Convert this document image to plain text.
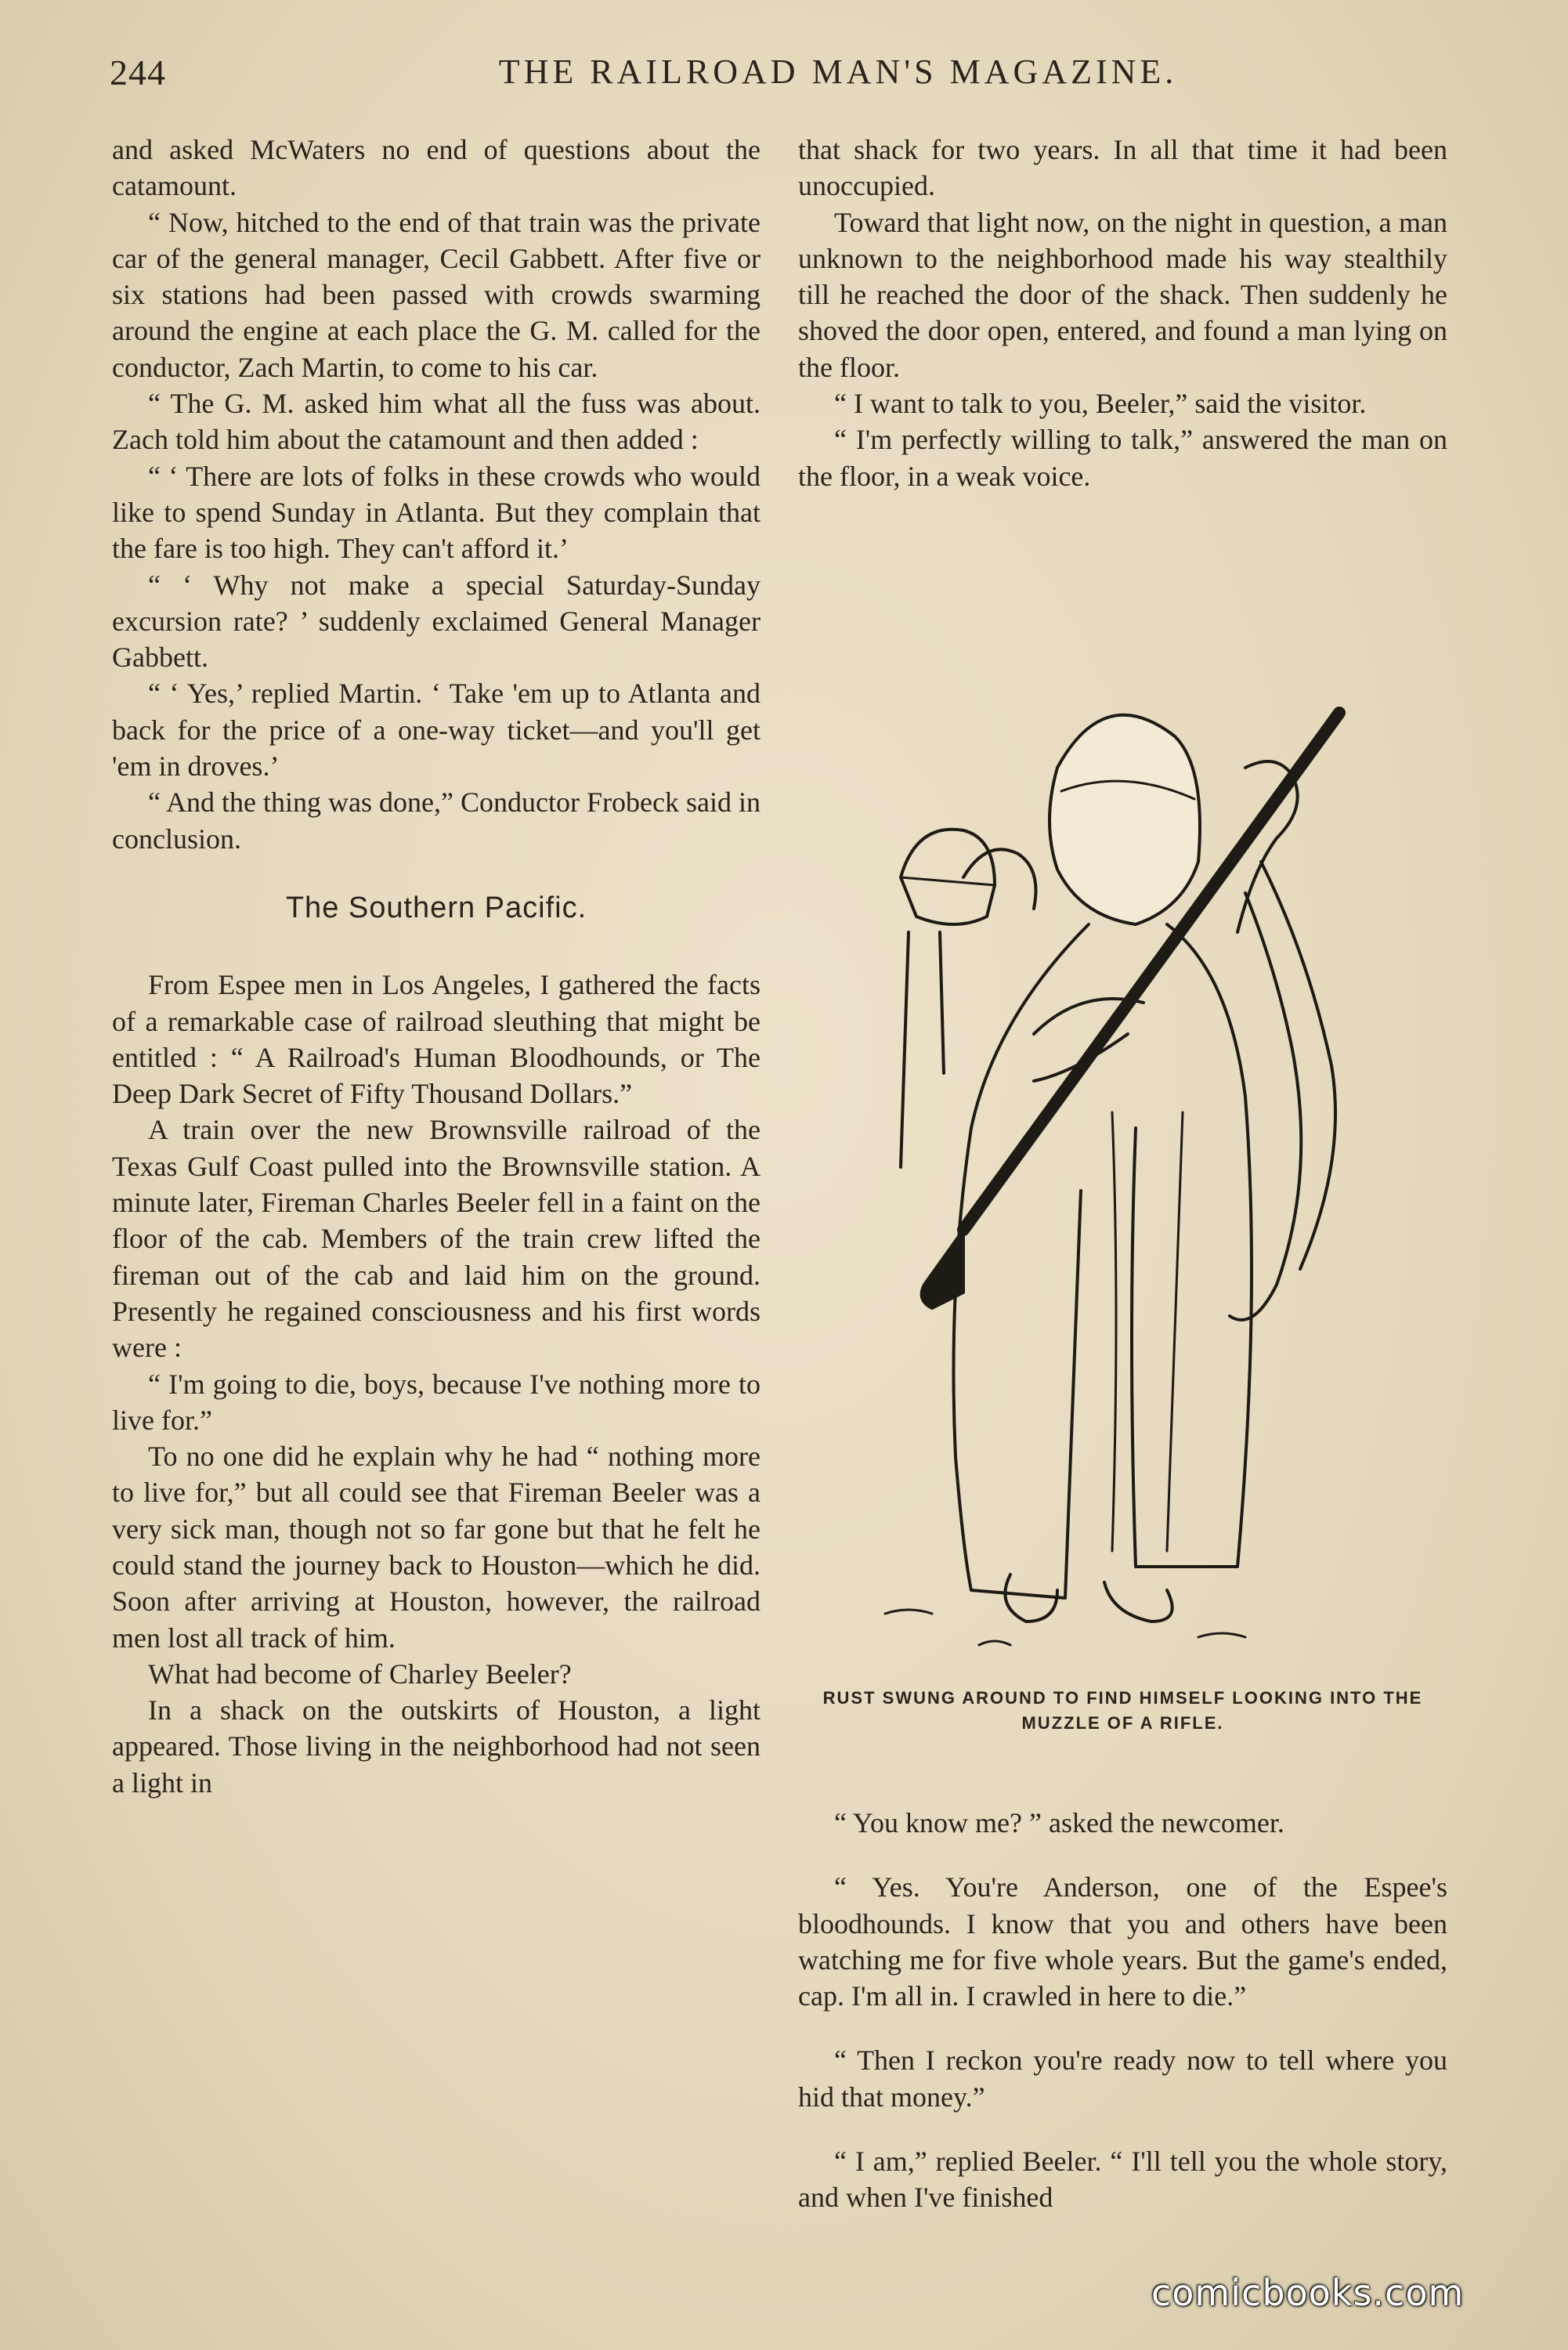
244	THE RAILROAD MAN'S MAGAZINE.

and asked McWaters no end of questions about the catamount.

“ Now, hitched to the end of that train was the private car of the general manager, Cecil Gabbett. After five or six stations had been passed with crowds swarming around the engine at each place the G. M. called for the conductor, Zach Martin, to come to his car.

“ The G. M. asked him what all the fuss was about. Zach told him about the catamount and then added :

“ ‘ There are lots of folks in these crowds who would like to spend Sunday in Atlanta. But they complain that the fare is too high. They can't afford it.’

“ ‘ Why not make a special Saturday-Sunday excursion rate? ’ suddenly exclaimed General Manager Gabbett.

“ ‘ Yes,’ replied Martin. ‘ Take 'em up to Atlanta and back for the price of a one-way ticket—and you'll get 'em in droves.’

“ And the thing was done,” Conductor Frobeck said in conclusion.

The Southern Pacific.

From Espee men in Los Angeles, I gathered the facts of a remarkable case of railroad sleuthing that might be entitled : “ A Railroad's Human Bloodhounds, or The Deep Dark Secret of Fifty Thousand Dollars.”

A train over the new Brownsville railroad of the Texas Gulf Coast pulled into the Brownsville station. A minute later, Fireman Charles Beeler fell in a faint on the floor of the cab. Members of the train crew lifted the fireman out of the cab and laid him on the ground. Presently he regained consciousness and his first words were :

“ I'm going to die, boys, because I've nothing more to live for.”

To no one did he explain why he had “ nothing more to live for,” but all could see that Fireman Beeler was a very sick man, though not so far gone but that he felt he could stand the journey back to Houston—which he did. Soon after arriving at Houston, however, the railroad men lost all track of him.

What had become of Charley Beeler?

In a shack on the outskirts of Houston, a light appeared. Those living in the neighborhood had not seen a light in

that shack for two years. In all that time it had been unoccupied.

Toward that light now, on the night in question, a man unknown to the neighborhood made his way stealthily till he reached the door of the shack. Then suddenly he shoved the door open, entered, and found a man lying on the floor.

“ I want to talk to you, Beeler,” said the visitor.

“ I'm perfectly willing to talk,” answered the man on the floor, in a weak voice.

RUST SWUNG AROUND TO FIND HIMSELF LOOKING INTO THE MUZZLE OF A RIFLE.

“ You know me? ” asked the newcomer.

“ Yes. You're Anderson, one of the Espee's bloodhounds. I know that you and others have been watching me for five whole years. But the game's ended, cap. I'm all in. I crawled in here to die.”

“ Then I reckon you're ready now to tell where you hid that money.”

“ I am,” replied Beeler. “ I'll tell you the whole story, and when I've finished

comicbooks.com
